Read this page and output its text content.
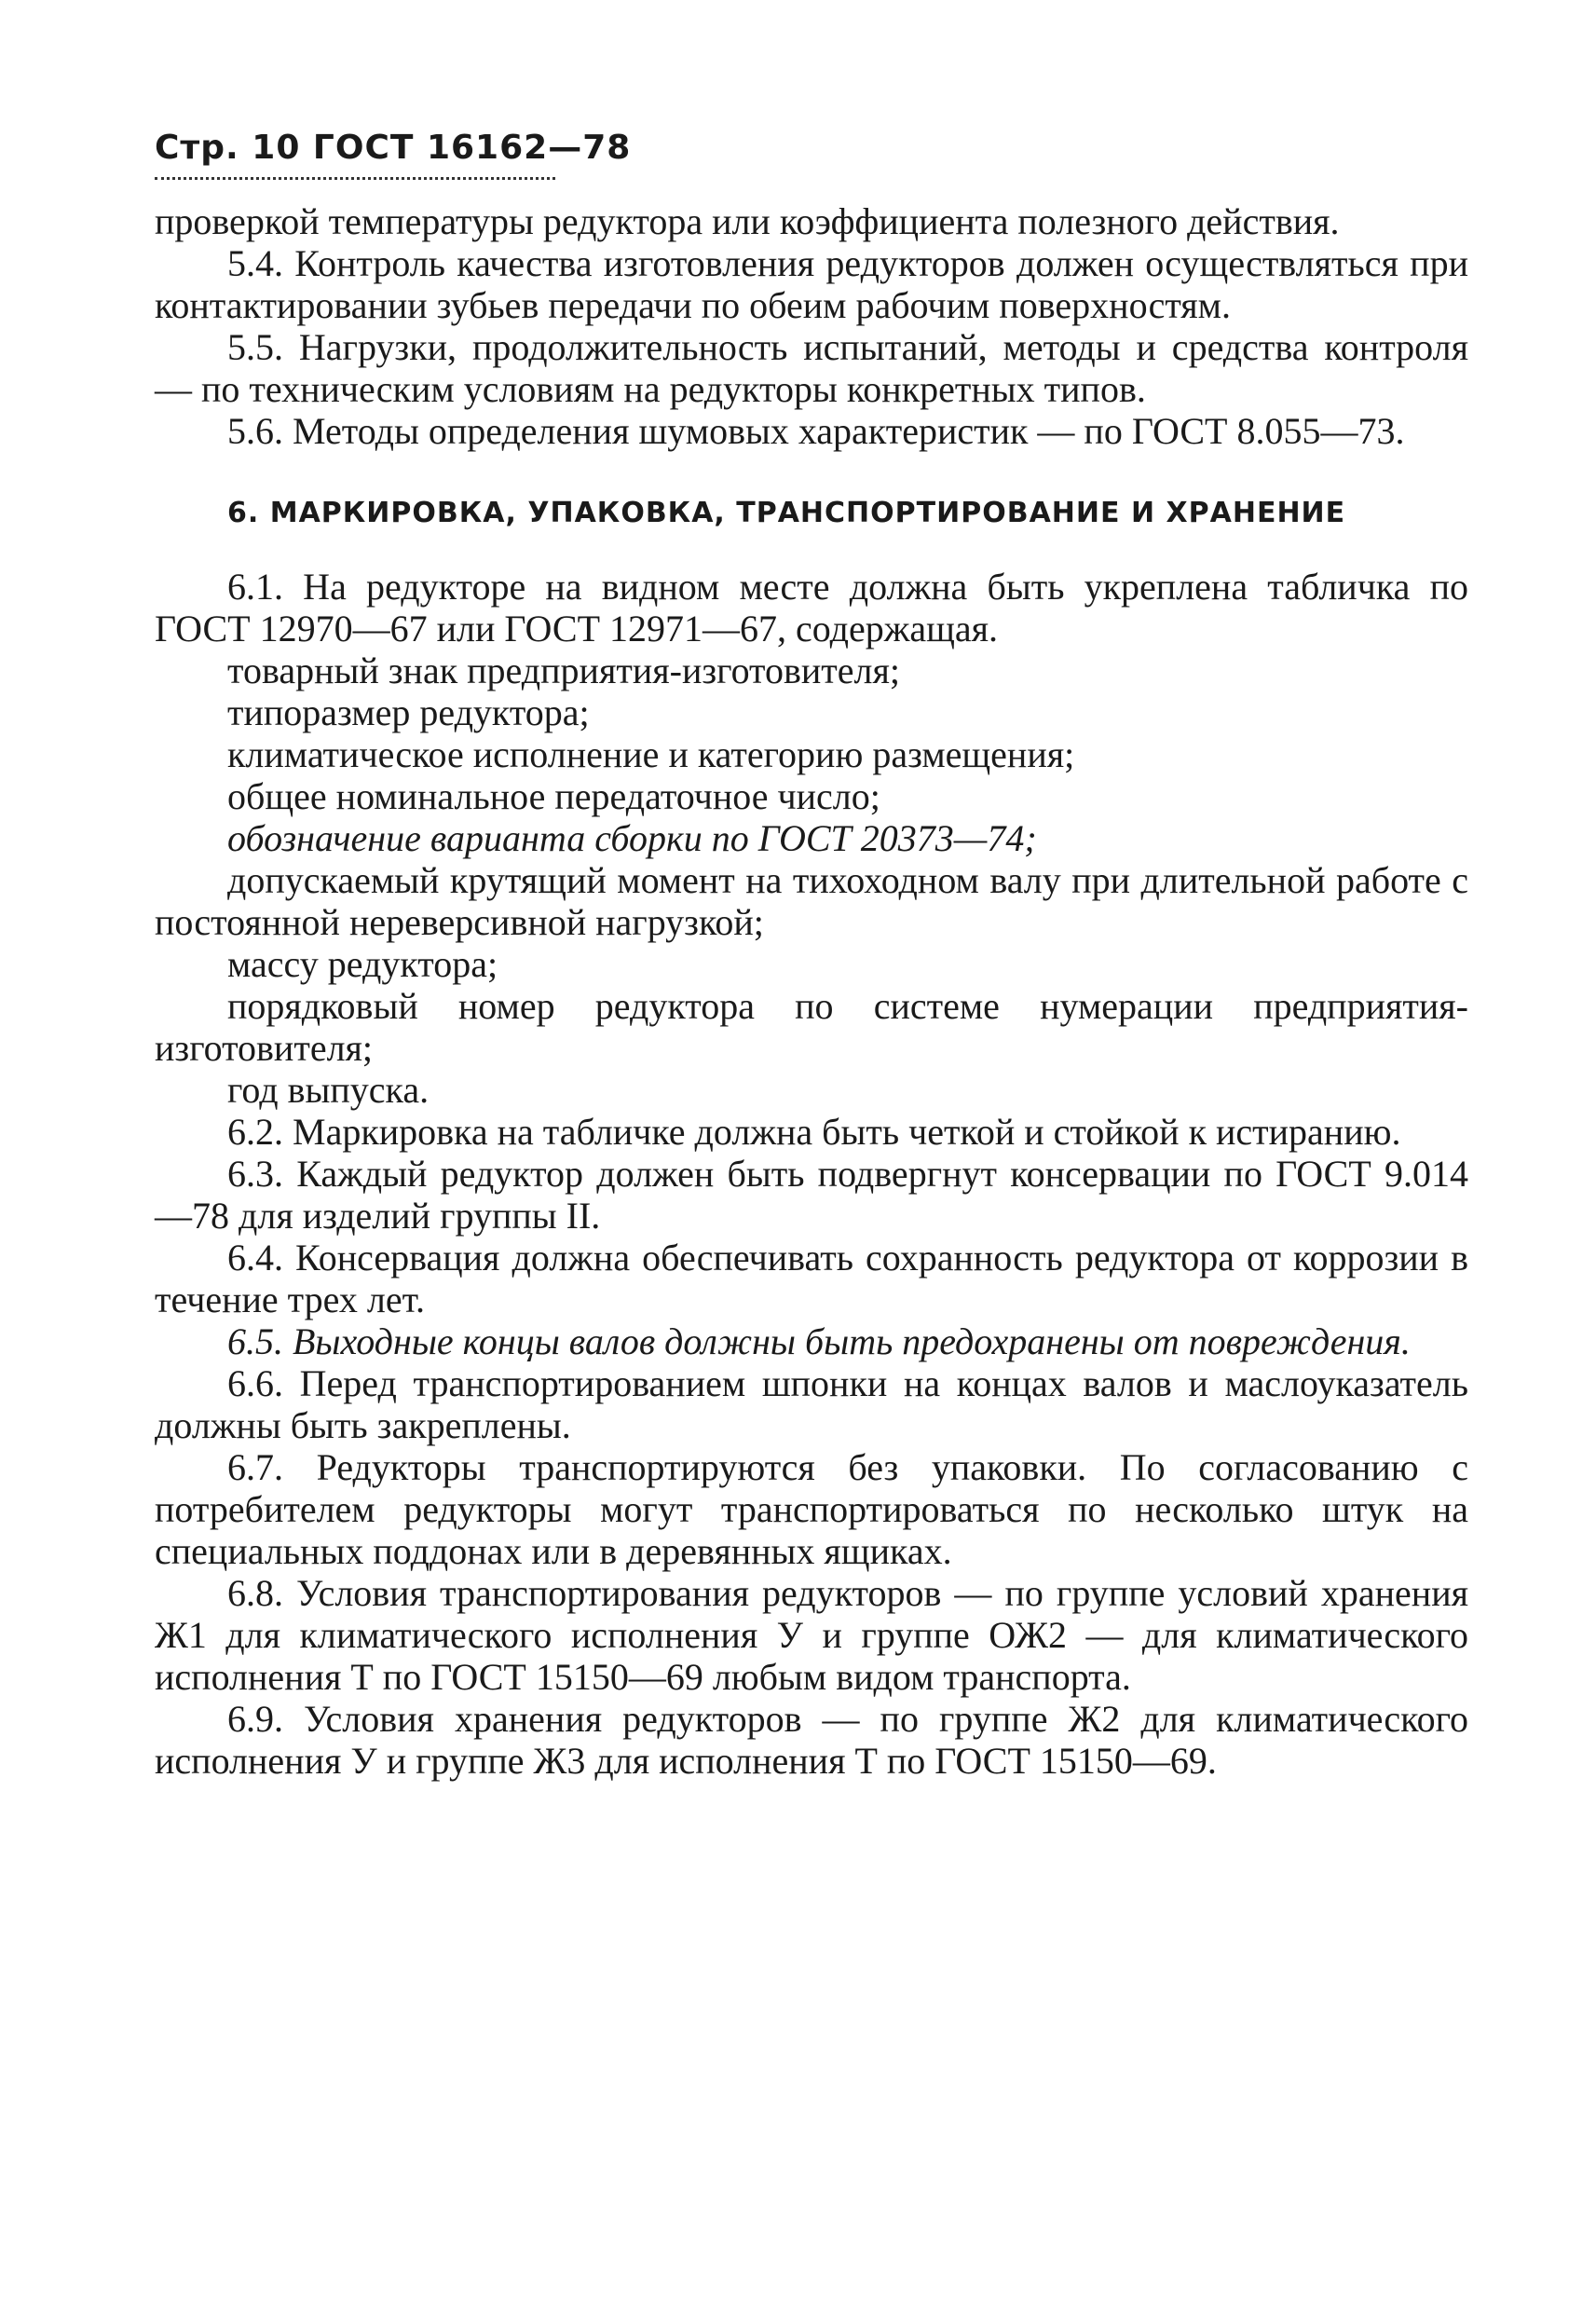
Стр. 10 ГОСТ 16162—78

проверкой температуры редуктора или коэффициента полезного действия.

5.4. Контроль качества изготовления редукторов должен осуществляться при контактировании зубьев передачи по обеим рабочим поверхностям.

5.5. Нагрузки, продолжительность испытаний, методы и средства контроля — по техническим условиям на редукторы конкретных типов.

5.6. Методы определения шумовых характеристик — по ГОСТ 8.055—73.

6. МАРКИРОВКА, УПАКОВКА, ТРАНСПОРТИРОВАНИЕ И ХРАНЕНИЕ

6.1. На редукторе на видном месте должна быть укреплена табличка по ГОСТ 12970—67 или ГОСТ 12971—67, содержащая.

товарный знак предприятия-изготовителя;

типоразмер редуктора;

климатическое исполнение и категорию размещения;

общее номинальное передаточное число;

обозначение варианта сборки по ГОСТ 20373—74;

допускаемый крутящий момент на тихоходном валу при длительной работе с постоянной нереверсивной нагрузкой;

массу редуктора;

порядковый номер редуктора по системе нумерации предприятия-изготовителя;

год выпуска.

6.2. Маркировка на табличке должна быть четкой и стойкой к истиранию.

6.3. Каждый редуктор должен быть подвергнут консервации по ГОСТ 9.014—78 для изделий группы II.

6.4. Консервация должна обеспечивать сохранность редуктора от коррозии в течение трех лет.

6.5. Выходные концы валов должны быть предохранены от повреждения.

6.6. Перед транспортированием шпонки на концах валов и маслоуказатель должны быть закреплены.

6.7. Редукторы транспортируются без упаковки. По согласованию с потребителем редукторы могут транспортироваться по несколько штук на специальных поддонах или в деревянных ящиках.

6.8. Условия транспортирования редукторов — по группе условий хранения Ж1 для климатического исполнения У и группе ОЖ2 — для климатического исполнения Т по ГОСТ 15150—69 любым видом транспорта.

6.9. Условия хранения редукторов — по группе Ж2 для климатического исполнения У и группе Ж3 для исполнения Т по ГОСТ 15150—69.
